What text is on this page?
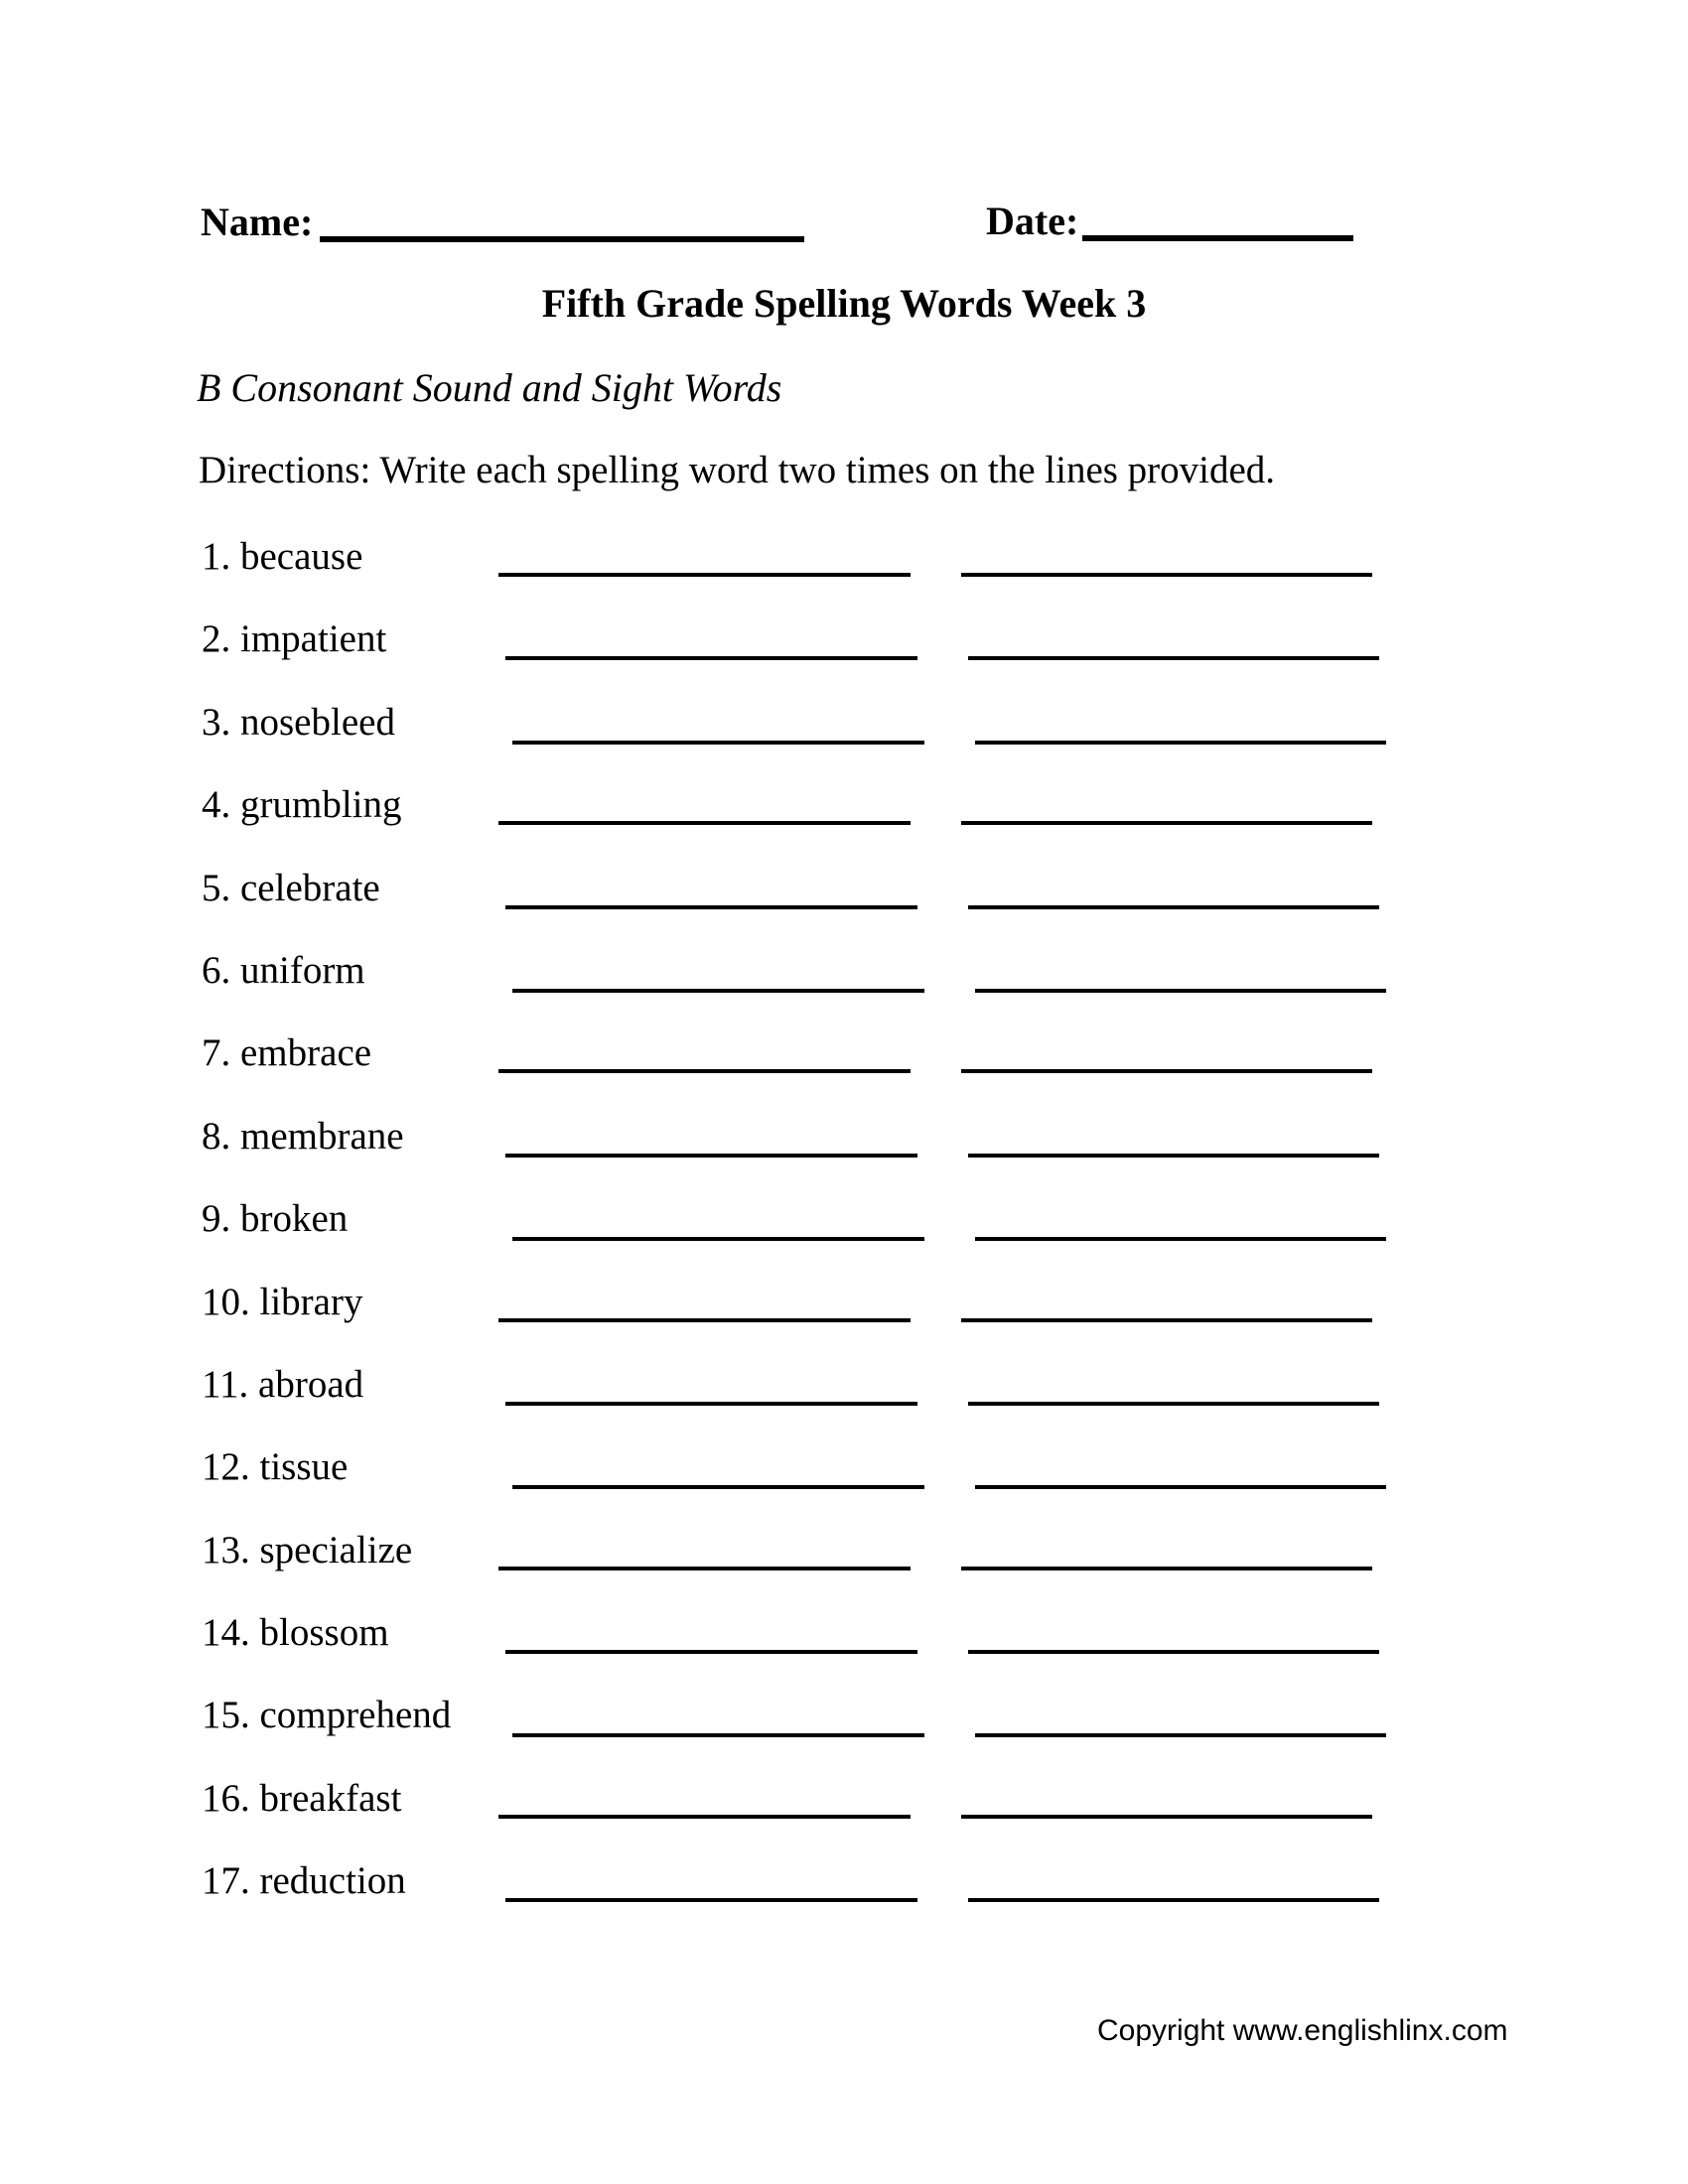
Name:	Date:
Fifth Grade Spelling Words Week 3
B Consonant Sound and Sight Words
Directions: Write each spelling word two times on the lines provided.
1. because
2. impatient
3. nosebleed
4. grumbling
5. celebrate
6. uniform
7. embrace
8. membrane
9. broken
10. library
11. abroad
12. tissue
13. specialize
14. blossom
15. comprehend
16. breakfast
17. reduction
Copyright www.englishlinx.com
